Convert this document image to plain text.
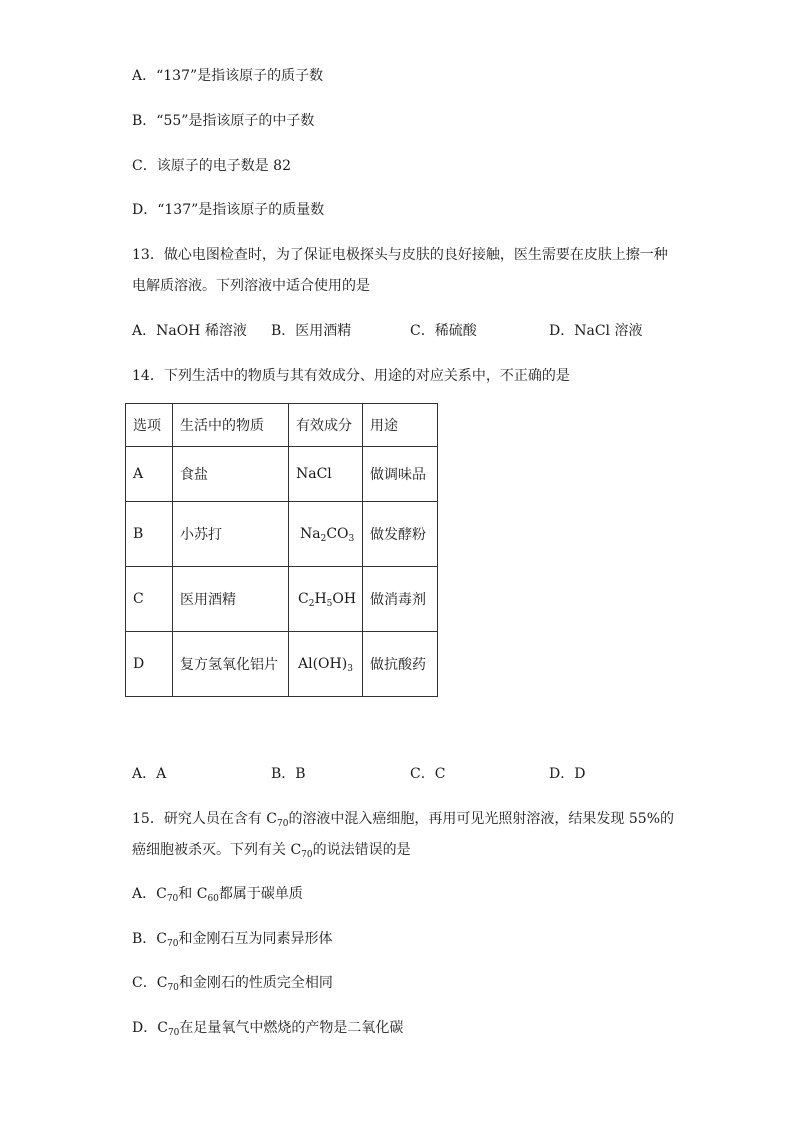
A．“137”是指该原子的质子数
B．“55”是指该原子的中子数
C．该原子的电子数是 82
D．“137”是指该原子的质量数
13．做心电图检查时，为了保证电极探头与皮肤的良好接触，医生需要在皮肤上擦一种
电解质溶液。下列溶液中适合使用的是
A．NaOH 稀溶液 B．医用酒精	C．稀硫酸	D．NaCl 溶液
14．下列生活中的物质与其有效成分、用途的对应关系中，不正确的是
选项	生活中的物质	有效成分	用途
A	食盐	NaCl	做调味品
B	小苏打	$Na_2CO_3$	做发酵粉
C	医用酒精	$C_2H_5OH$	做消毒剂
D	复方氢氧化铝片	$Al(OH)_3$	做抗酸药
A．A	B．B	C．C	D．D
15．研究人员在含有 $C_{70}$的溶液中混入癌细胞，再用可见光照射溶液，结果发现 55%的
癌细胞被杀灭。下列有关 $C_{70}$的说法错误的是
A．$C_{70}$和 $C_{60}$都属于碳单质
B．$C_{70}$和金刚石互为同素异形体
C．$C_{70}$和金刚石的性质完全相同
D．$C_{70}$在足量氧气中燃烧的产物是二氧化碳
